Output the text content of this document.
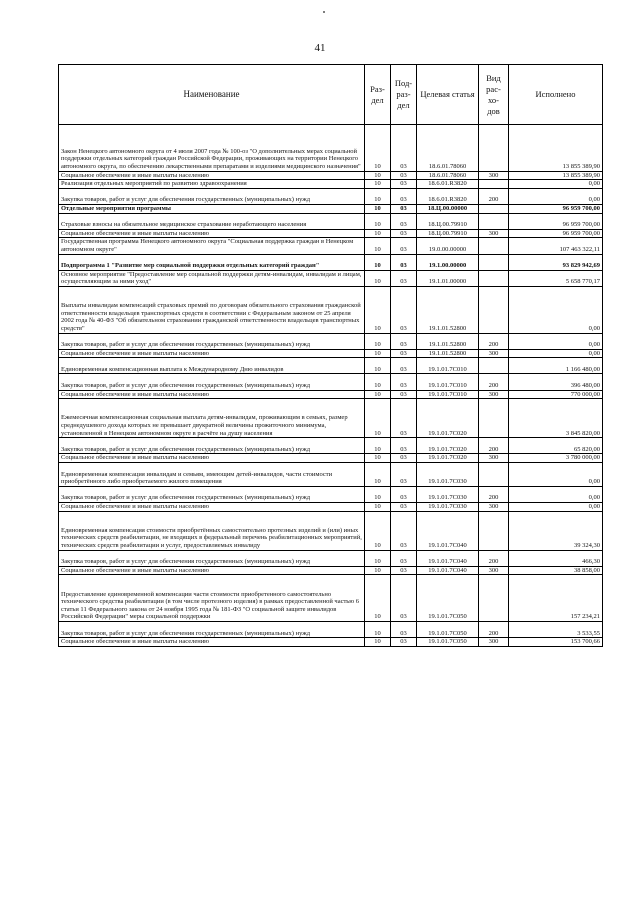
41
Наименование	Раз- дел	Под- раз- дел	Целевая статья	Вид рас- хо- дов	Исполнено
Закон Ненецкого автономного округа от 4 июля 2007 года № 100-оз "О дополнительных мерах социальной поддержки отдельных категорий граждан Российской Федерации, проживающих на территории Ненецкого автономного округа, по обеспечению лекарственными препаратами и изделиями медицинского назначения"	10	03	18.6.01.78060		13 855 389,90
Социальное обеспечение и иные выплаты населению	10	03	18.6.01.78060	300	13 855 389,90
Реализация отдельных мероприятий по развитию здравоохранения	10	03	18.6.01.R3820		0,00
Закупка товаров, работ и услуг для обеспечения государственных (муниципальных) нужд	10	03	18.6.01.R3820	200	0,00
Отдельные мероприятия программы	10	03	18.Ц.00.00000		96 959 700,00
Страховые взносы на обязательное медицинское страхование неработающего населения	10	03	18.Ц.00.79910		96 959 700,00
Социальное обеспечение и иные выплаты населению	10	03	18.Ц.00.79910	300	96 959 700,00
Государственная программа Ненецкого автономного округа "Социальная поддержка граждан в Ненецком автономном округе"	10	03	19.0.00.00000		107 463 322,11
Подпрограмма 1 "Развитие мер социальной поддержки отдельных категорий граждан"	10	03	19.1.00.00000		93 829 942,69
Основное мероприятие "Предоставление мер социальной поддержки детям-инвалидам, инвалидам и лицам, осуществляющим за ними уход"	10	03	19.1.01.00000		5 658 770,17
Выплаты инвалидам компенсаций страховых премий по договорам обязательного страхования гражданской ответственности владельцев транспортных средств в соответствии с Федеральным законом от 25 апреля 2002 года № 40-ФЗ "Об обязательном страховании гражданской ответственности владельцев транспортных средств"	10	03	19.1.01.52800		0,00
Закупка товаров, работ и услуг для обеспечения государственных (муниципальных) нужд	10	03	19.1.01.52800	200	0,00
Социальное обеспечение и иные выплаты населению	10	03	19.1.01.52800	300	0,00
Единовременная компенсационная выплата к Международному Дню инвалидов	10	03	19.1.01.7С010		1 166 480,00
Закупка товаров, работ и услуг для обеспечения государственных (муниципальных) нужд	10	03	19.1.01.7С010	200	396 480,00
Социальное обеспечение и иные выплаты населению	10	03	19.1.01.7С010	300	770 000,00
Ежемесячная компенсационная социальная выплата детям-инвалидам, проживающим в семьях, размер среднедушевого дохода которых не превышает двукратной величины прожиточного минимума, установленной в Ненецком автономном округе в расчёте на душу населения	10	03	19.1.01.7С020		3 845 820,00
Закупка товаров, работ и услуг для обеспечения государственных (муниципальных) нужд	10	03	19.1.01.7С020	200	65 820,00
Социальное обеспечение и иные выплаты населению	10	03	19.1.01.7С020	300	3 780 000,00
Единовременная компенсация инвалидам и семьям, имеющим детей-инвалидов, части стоимости приобретённого либо приобретаемого жилого помещения	10	03	19.1.01.7С030		0,00
Закупка товаров, работ и услуг для обеспечения государственных (муниципальных) нужд	10	03	19.1.01.7С030	200	0,00
Социальное обеспечение и иные выплаты населению	10	03	19.1.01.7С030	300	0,00
Единовременная компенсация стоимости приобретённых самостоятельно протезных изделий и (или) иных технических средств реабилитации, не входящих в федеральный перечень реабилитационных мероприятий, технических средств реабилитации и услуг, предоставляемых инвалиду	10	03	19.1.01.7С040		39 324,30
Закупка товаров, работ и услуг для обеспечения государственных (муниципальных) нужд	10	03	19.1.01.7С040	200	466,30
Социальное обеспечение и иные выплаты населению	10	03	19.1.01.7С040	300	38 858,00
Предоставление единовременной компенсации части стоимости приобретенного самостоятельно технического средства реабилитации (в том числе протезного изделия) в рамках предоставленной частью 6 статьи 11 Федерального закона от 24 ноября 1995 года № 181-ФЗ "О социальной защите инвалидов Российской Федерации" меры социальной поддержки	10	03	19.1.01.7С050		157 234,21
Закупка товаров, работ и услуг для обеспечения государственных (муниципальных) нужд	10	03	19.1.01.7С050	200	3 533,55
Социальное обеспечение и иные выплаты населению	10	03	19.1.01.7С050	300	153 700,66
